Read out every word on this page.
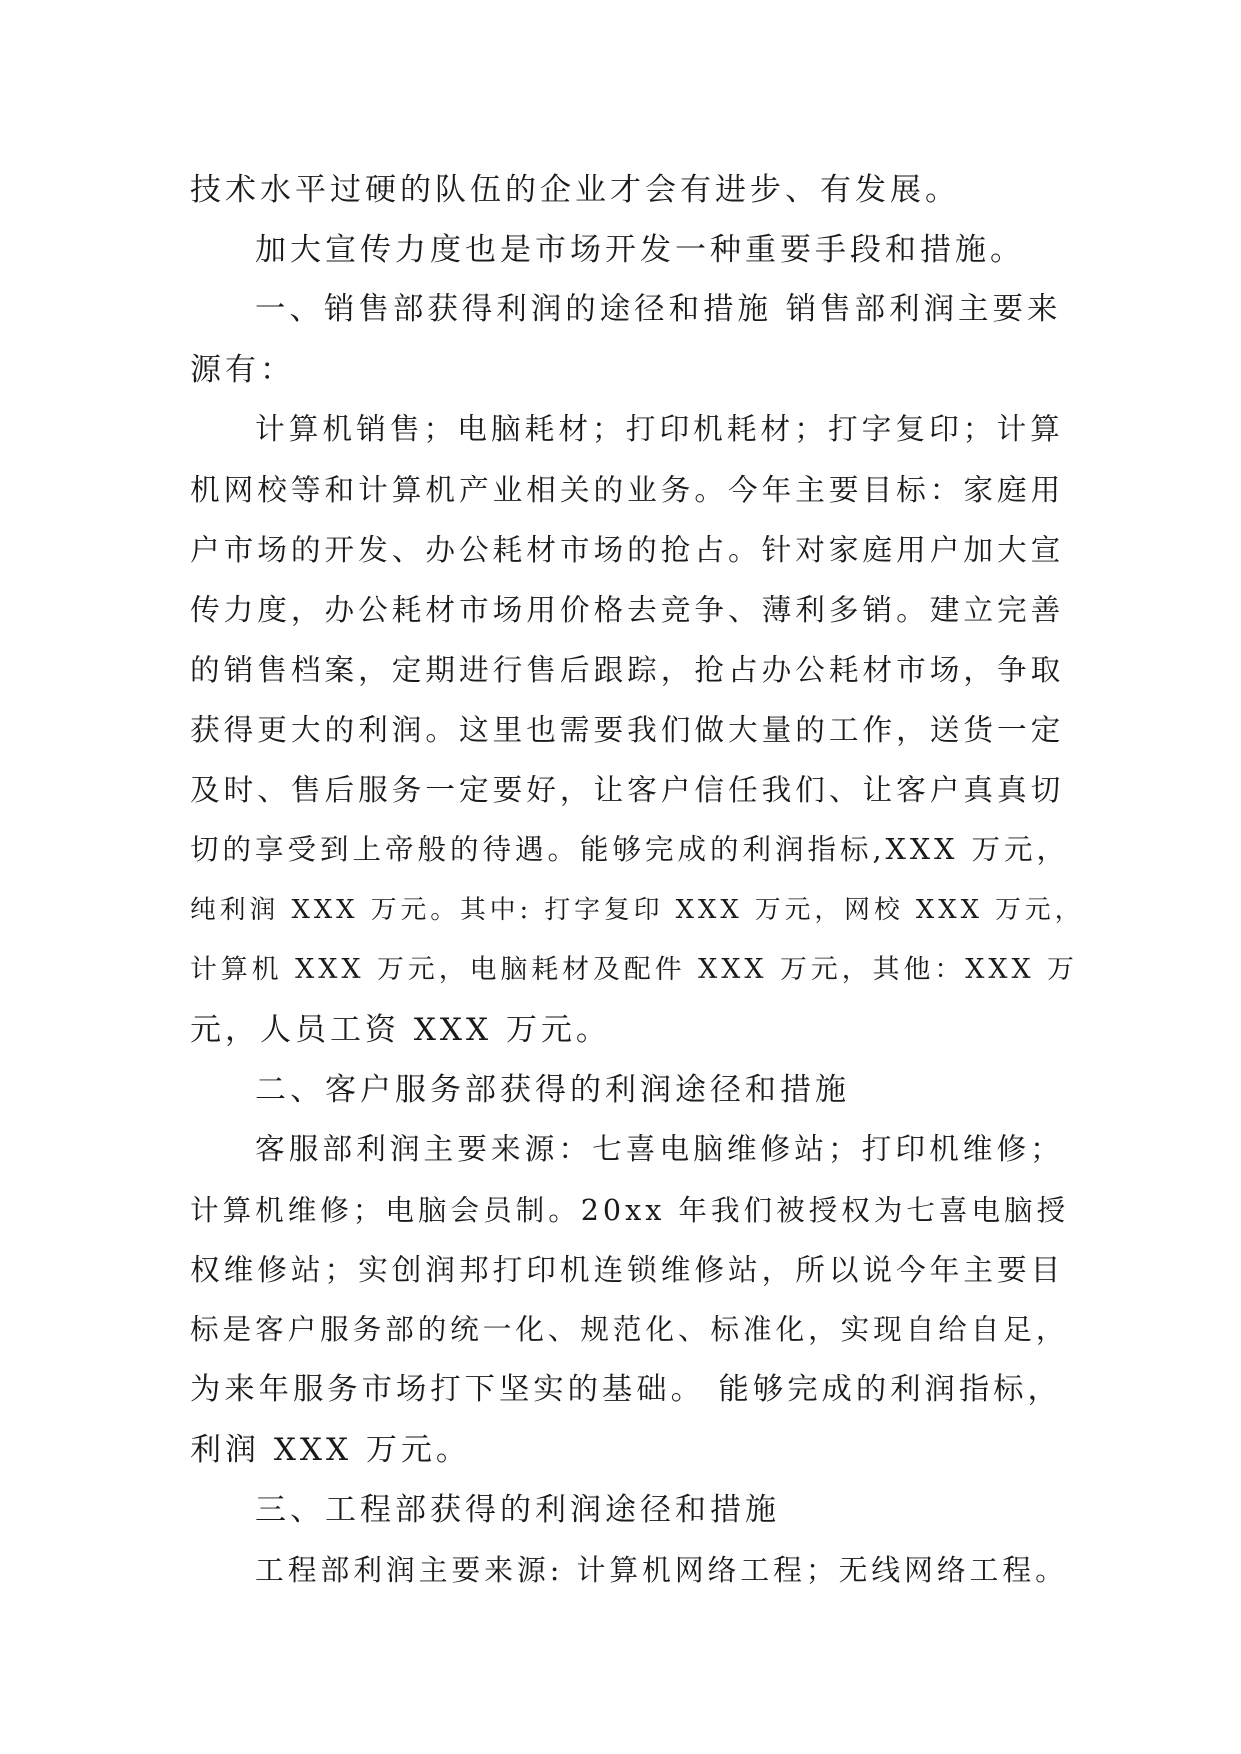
技术水平过硬的队伍的企业才会有进步、有发展。
加大宣传力度也是市场开发一种重要手段和措施。
一、销售部获得利润的途径和措施 销售部利润主要来
源有：
计算机销售；电脑耗材；打印机耗材；打字复印；计算
机网校等和计算机产业相关的业务。今年主要目标：家庭用
户市场的开发、办公耗材市场的抢占。针对家庭用户加大宣
传力度，办公耗材市场用价格去竞争、薄利多销。建立完善
的销售档案，定期进行售后跟踪，抢占办公耗材市场，争取
获得更大的利润。这里也需要我们做大量的工作，送货一定
及时、售后服务一定要好，让客户信任我们、让客户真真切
切的享受到上帝般的待遇。能够完成的利润指标,XXX 万元，
纯利润 XXX 万元。其中: 打字复印 XXX 万元，网校 XXX 万元，
计算机 XXX 万元，电脑耗材及配件 XXX 万元，其他：XXX 万
元，人员工资 XXX 万元。
二、客户服务部获得的利润途径和措施
客服部利润主要来源：七喜电脑维修站；打印机维修；
计算机维修；电脑会员制。20xx 年我们被授权为七喜电脑授
权维修站；实创润邦打印机连锁维修站，所以说今年主要目
标是客户服务部的统一化、规范化、标准化，实现自给自足，
为来年服务市场打下坚实的基础。 能够完成的利润指标，
利润 XXX 万元。
三、工程部获得的利润途径和措施
工程部利润主要来源: 计算机网络工程；无线网络工程。
